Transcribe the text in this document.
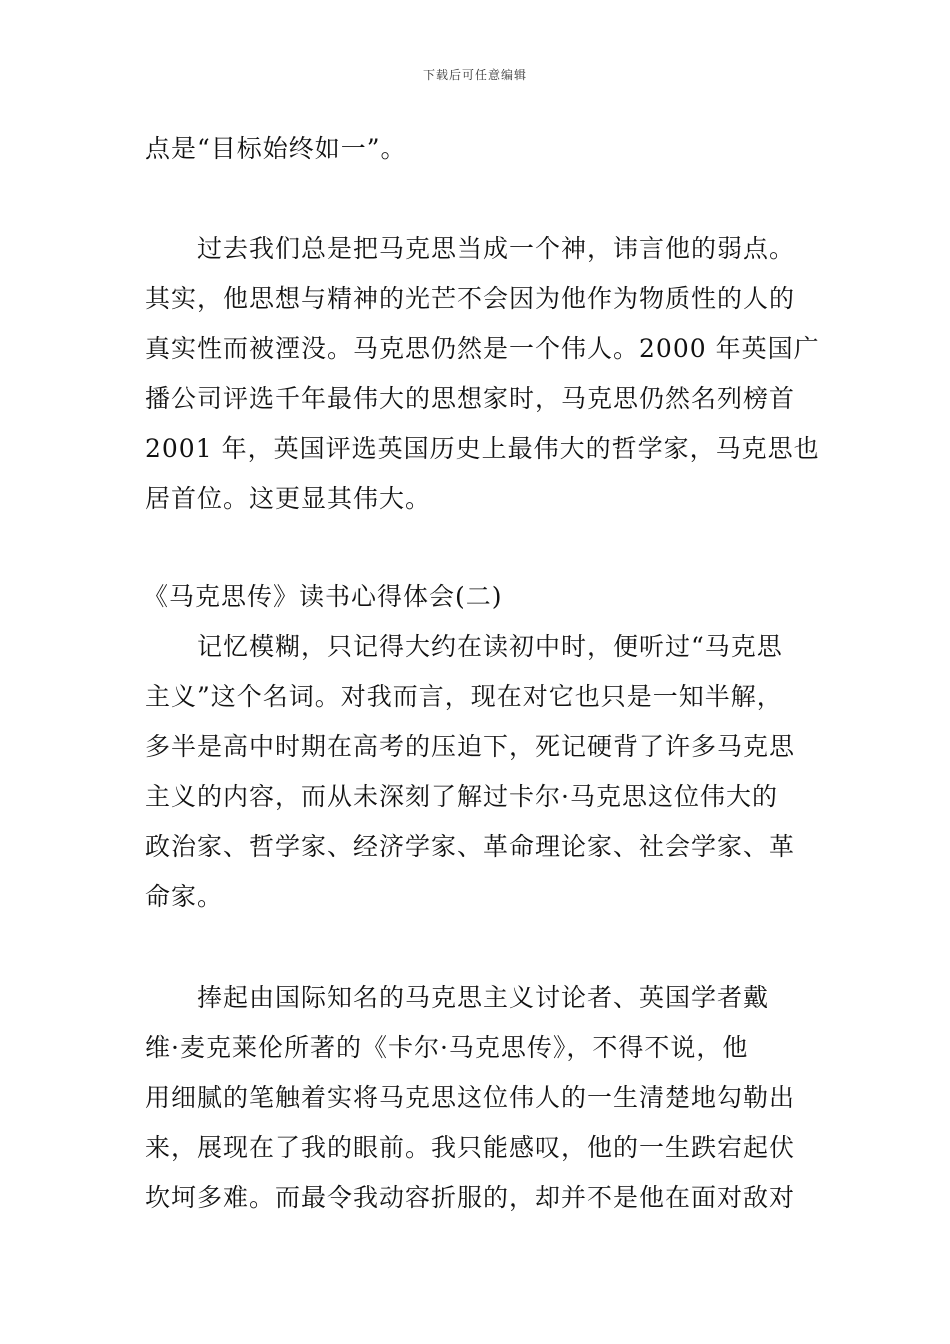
下载后可任意编辑
点是“目标始终如一”。
过去我们总是把马克思当成一个神，讳言他的弱点。
其实，他思想与精神的光芒不会因为他作为物质性的人的
真实性而被湮没。马克思仍然是一个伟人。2000 年英国广
播公司评选千年最伟大的思想家时，马克思仍然名列榜首
2001 年，英国评选英国历史上最伟大的哲学家，马克思也
居首位。这更显其伟大。
《马克思传》读书心得体会(二)
记忆模糊，只记得大约在读初中时，便听过“马克思
主义”这个名词。对我而言，现在对它也只是一知半解，
多半是高中时期在高考的压迫下，死记硬背了许多马克思
主义的内容，而从未深刻了解过卡尔·马克思这位伟大的
政治家、哲学家、经济学家、革命理论家、社会学家、革
命家。
捧起由国际知名的马克思主义讨论者、英国学者戴
维·麦克莱伦所著的《卡尔·马克思传》，不得不说，他
用细腻的笔触着实将马克思这位伟人的一生清楚地勾勒出
来，展现在了我的眼前。我只能感叹，他的一生跌宕起伏
坎坷多难。而最令我动容折服的，却并不是他在面对敌对
